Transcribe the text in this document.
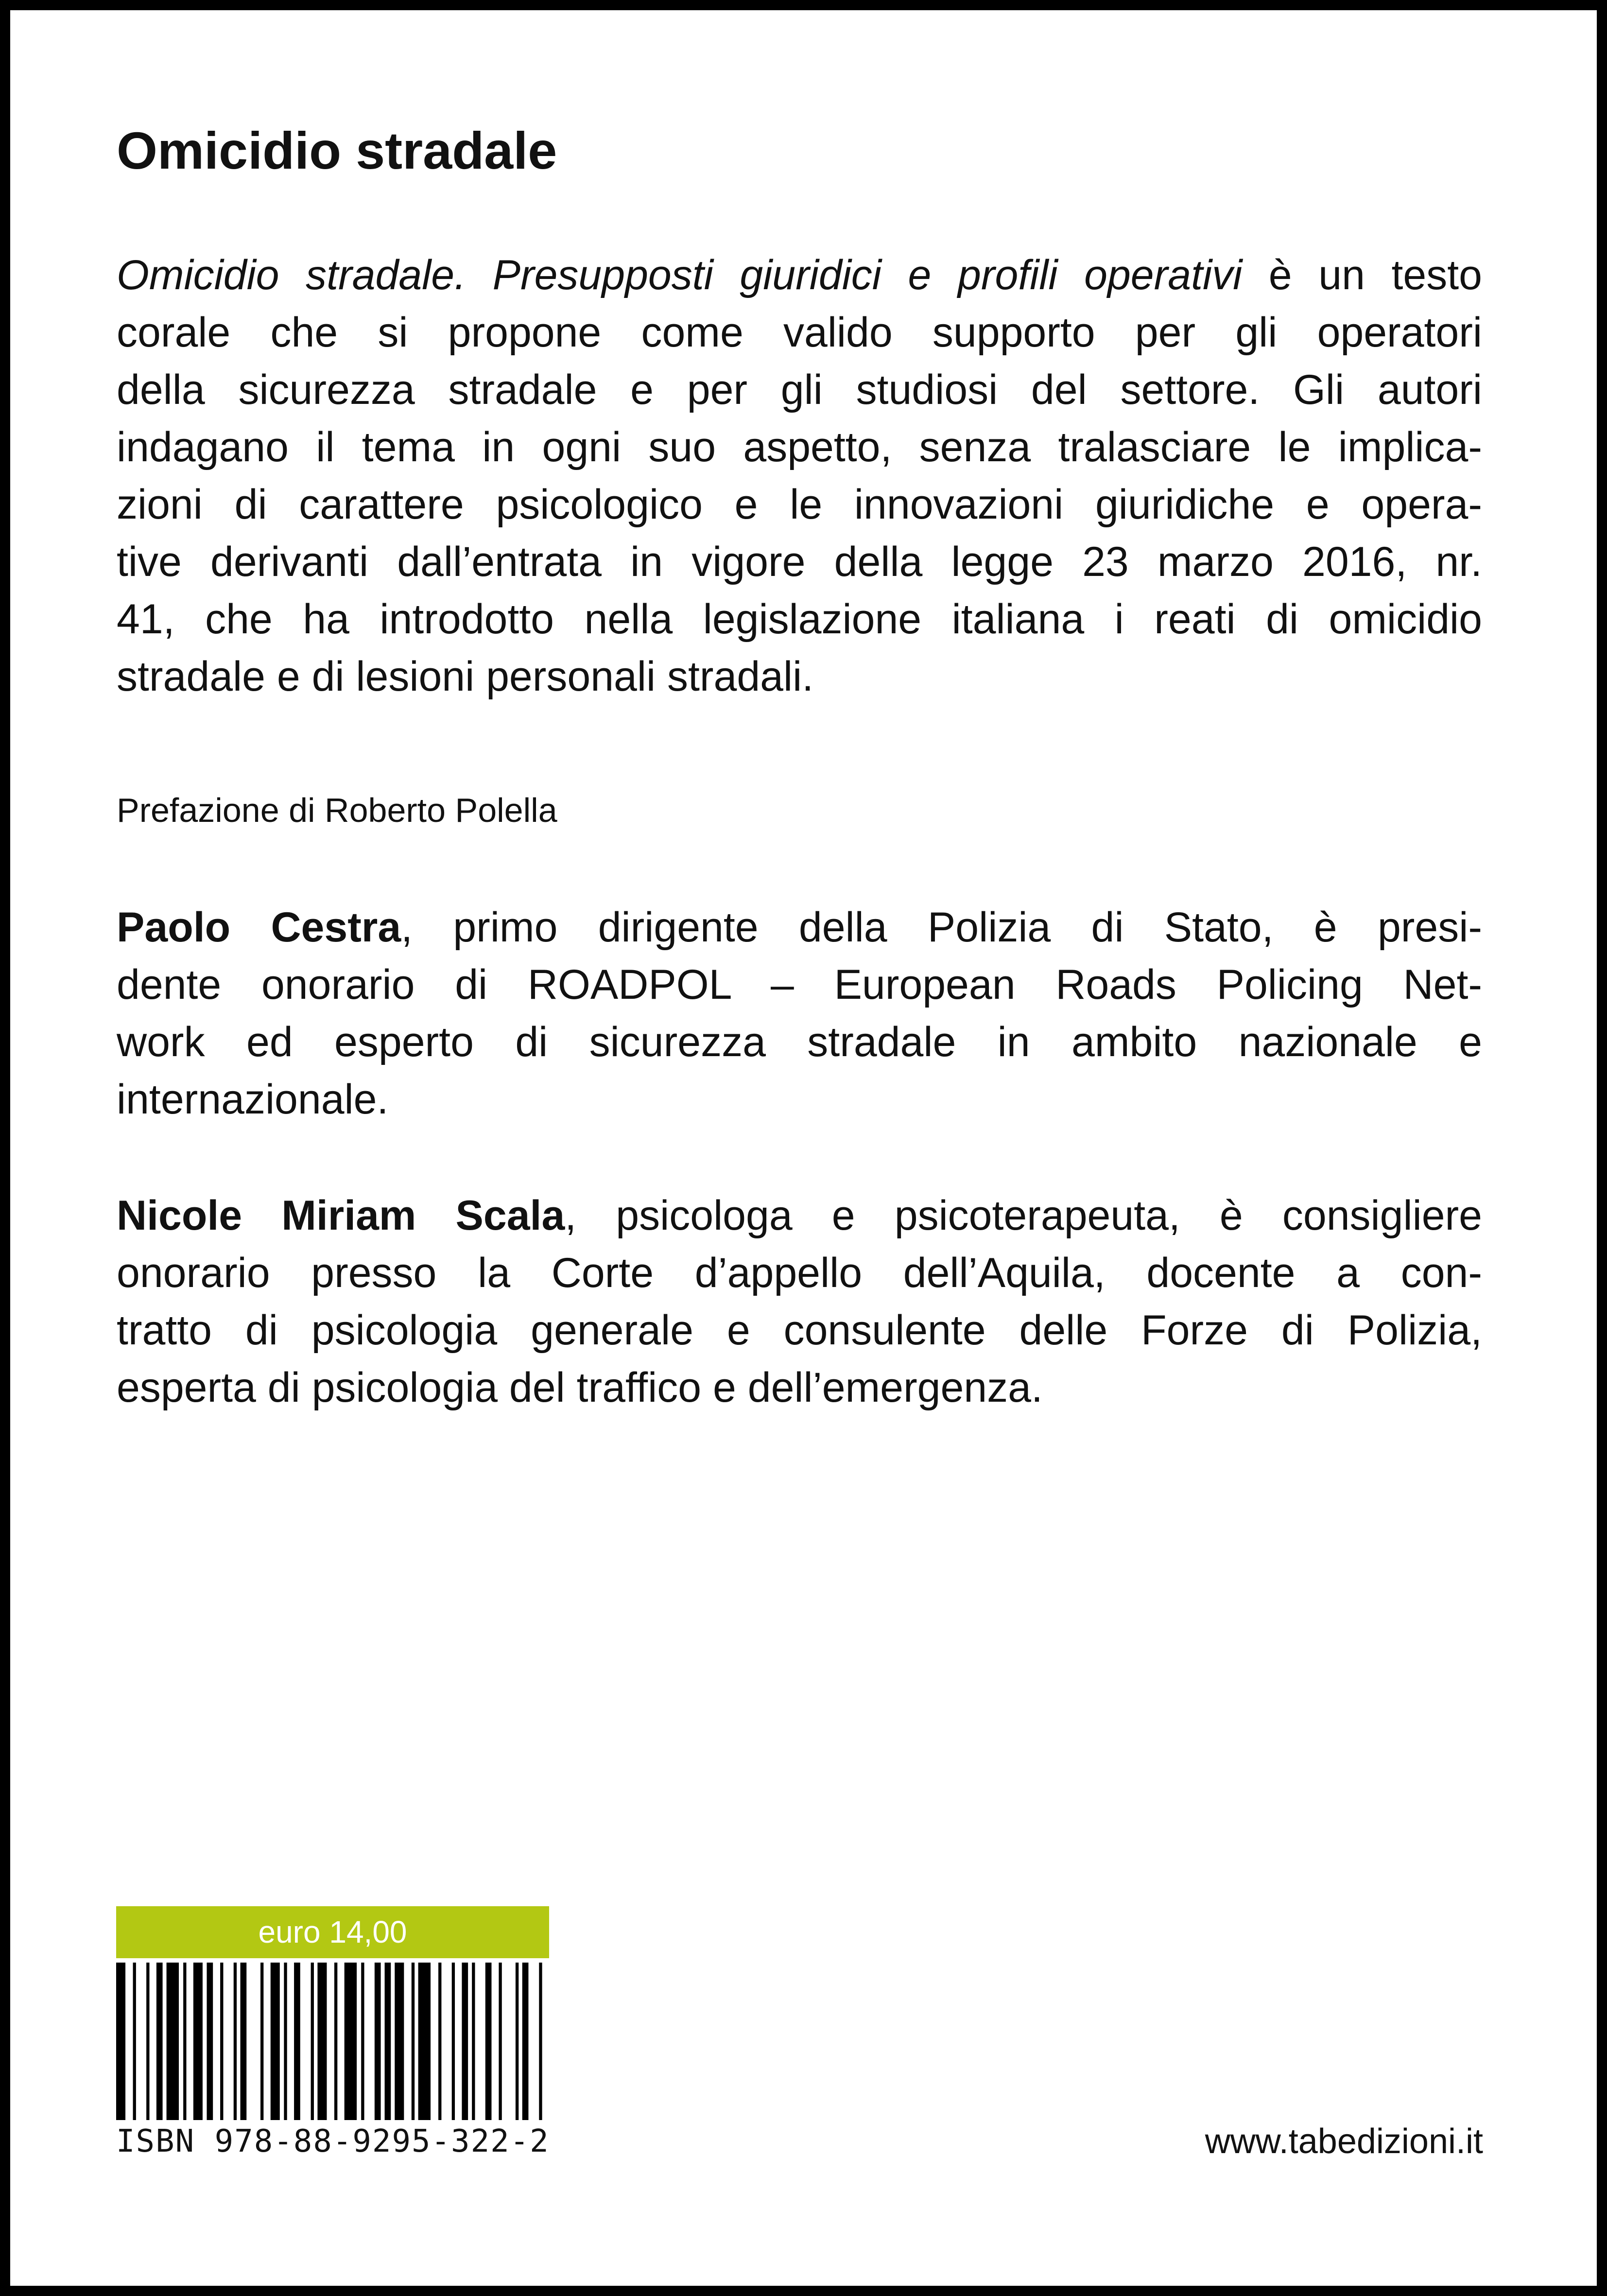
Omicidio stradale
Omicidio stradale. Presupposti giuridici e profili operativi è un testo
corale che si propone come valido supporto per gli operatori
della sicurezza stradale e per gli studiosi del settore. Gli autori
indagano il tema in ogni suo aspetto, senza tralasciare le implica-
zioni di carattere psicologico e le innovazioni giuridiche e opera-
tive derivanti dall’entrata in vigore della legge 23 marzo 2016, nr.
41, che ha introdotto nella legislazione italiana i reati di omicidio
stradale e di lesioni personali stradali.

Prefazione di Roberto Polella

Paolo Cestra, primo dirigente della Polizia di Stato, è presi-
dente onorario di ROADPOL – European Roads Policing Net-
work ed esperto di sicurezza stradale in ambito nazionale e
internazionale.
Nicole Miriam Scala, psicologa e psicoterapeuta, è consigliere
onorario presso la Corte d’appello dell’Aquila, docente a con-
tratto di psicologia generale e consulente delle Forze di Polizia,
esperta di psicologia del traffico e dell’emergenza.
euro 14,00

ISBN 978-88-9295-322-2	www.tabedizioni.it
